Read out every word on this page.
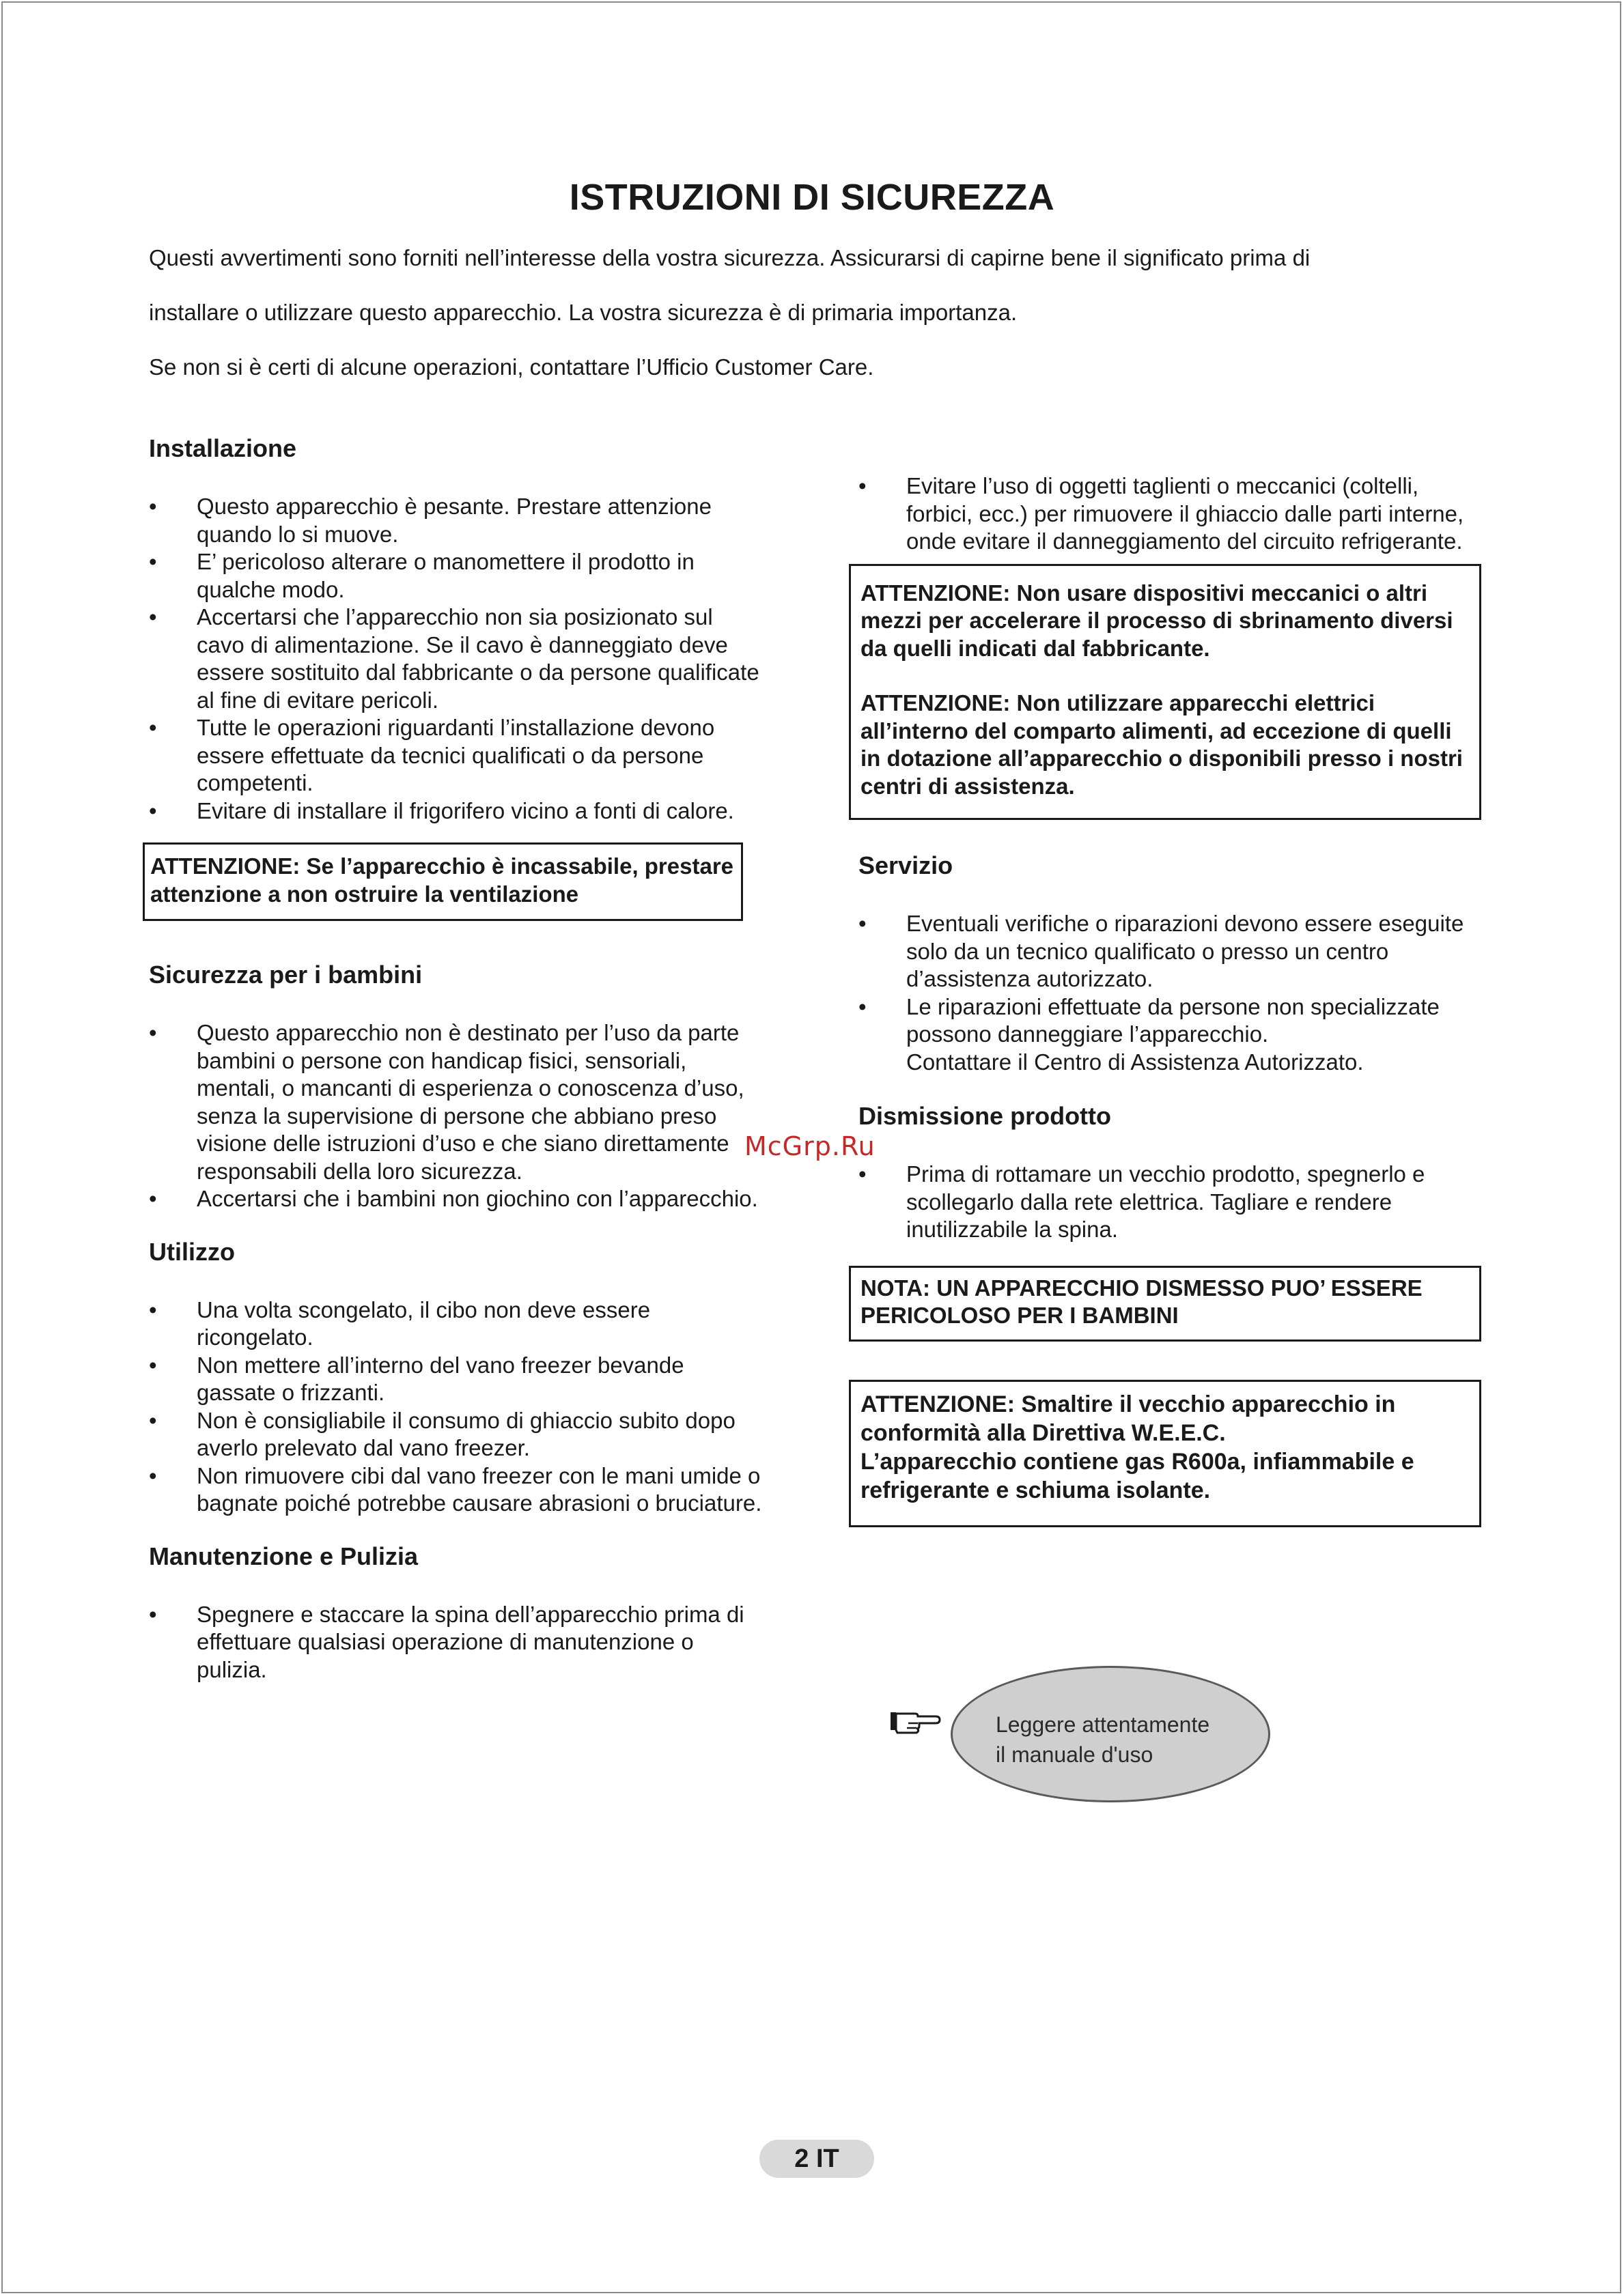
ISTRUZIONI DI SICUREZZA
Questi avvertimenti sono forniti nell’interesse della vostra sicurezza. Assicurarsi di capirne bene il significato prima di
installare o utilizzare questo apparecchio. La vostra sicurezza è di primaria importanza.
Se non si è certi di alcune operazioni, contattare l’Ufficio Customer Care.
Installazione
• Questo apparecchio è pesante. Prestare attenzione quando lo si muove.
• E’ pericoloso alterare o manomettere il prodotto in qualche modo.
• Accertarsi che l’apparecchio non sia posizionato sul cavo di alimentazione. Se il cavo è danneggiato deve essere sostituito dal fabbricante o da persone qualificate al fine di evitare pericoli.
• Tutte le operazioni riguardanti l’installazione devono essere effettuate da tecnici qualificati o da persone competenti.
• Evitare di installare il frigorifero vicino a fonti di calore.

ATTENZIONE: Se l’apparecchio è incassabile, prestare attenzione a non ostruire la ventilazione

Sicurezza per i bambini
• Questo apparecchio non è destinato per l’uso da parte bambini o persone con handicap fisici, sensoriali, mentali, o mancanti di esperienza o conoscenza d’uso, senza la supervisione di persone che abbiano preso visione delle istruzioni d’uso e che siano direttamente responsabili della loro sicurezza.
• Accertarsi che i bambini non giochino con l’apparecchio.
Utilizzo
• Una volta scongelato, il cibo non deve essere ricongelato.
• Non mettere all’interno del vano freezer bevande gassate o frizzanti.
• Non è consigliabile il consumo di ghiaccio subito dopo averlo prelevato dal vano freezer.
• Non rimuovere cibi dal vano freezer con le mani umide o bagnate poiché potrebbe causare abrasioni o bruciature.
Manutenzione e Pulizia
• Spegnere e staccare la spina dell’apparecchio prima di effettuare qualsiasi operazione di manutenzione o pulizia.
• Evitare l’uso di oggetti taglienti o meccanici (coltelli, forbici, ecc.) per rimuovere il ghiaccio dalle parti interne, onde evitare il danneggiamento del circuito refrigerante.

ATTENZIONE: Non usare dispositivi meccanici o altri mezzi per accelerare il processo di sbrinamento diversi da quelli indicati dal fabbricante.

ATTENZIONE: Non utilizzare apparecchi elettrici all’interno del comparto alimenti, ad eccezione di quelli in dotazione all’apparecchio o disponibili presso i nostri centri di assistenza.

Servizio
• Eventuali verifiche o riparazioni devono essere eseguite solo da un tecnico qualificato o presso un centro d’assistenza autorizzato.
• Le riparazioni effettuate da persone non specializzate possono danneggiare l’apparecchio.
Contattare il Centro di Assistenza Autorizzato.
Dismissione prodotto
• Prima di rottamare un vecchio prodotto, spegnerlo e scollegarlo dalla rete elettrica. Tagliare e rendere inutilizzabile la spina.

NOTA: UN APPARECCHIO DISMESSO PUO’ ESSERE PERICOLOSO PER I BAMBINI

ATTENZIONE: Smaltire il vecchio apparecchio in conformità alla Direttiva W.E.E.C.

L’apparecchio contiene gas R600a, infiammabile e refrigerante e schiuma isolante.

McGrp.Ru
Leggere attentamente
il manuale d'uso
2 IT
